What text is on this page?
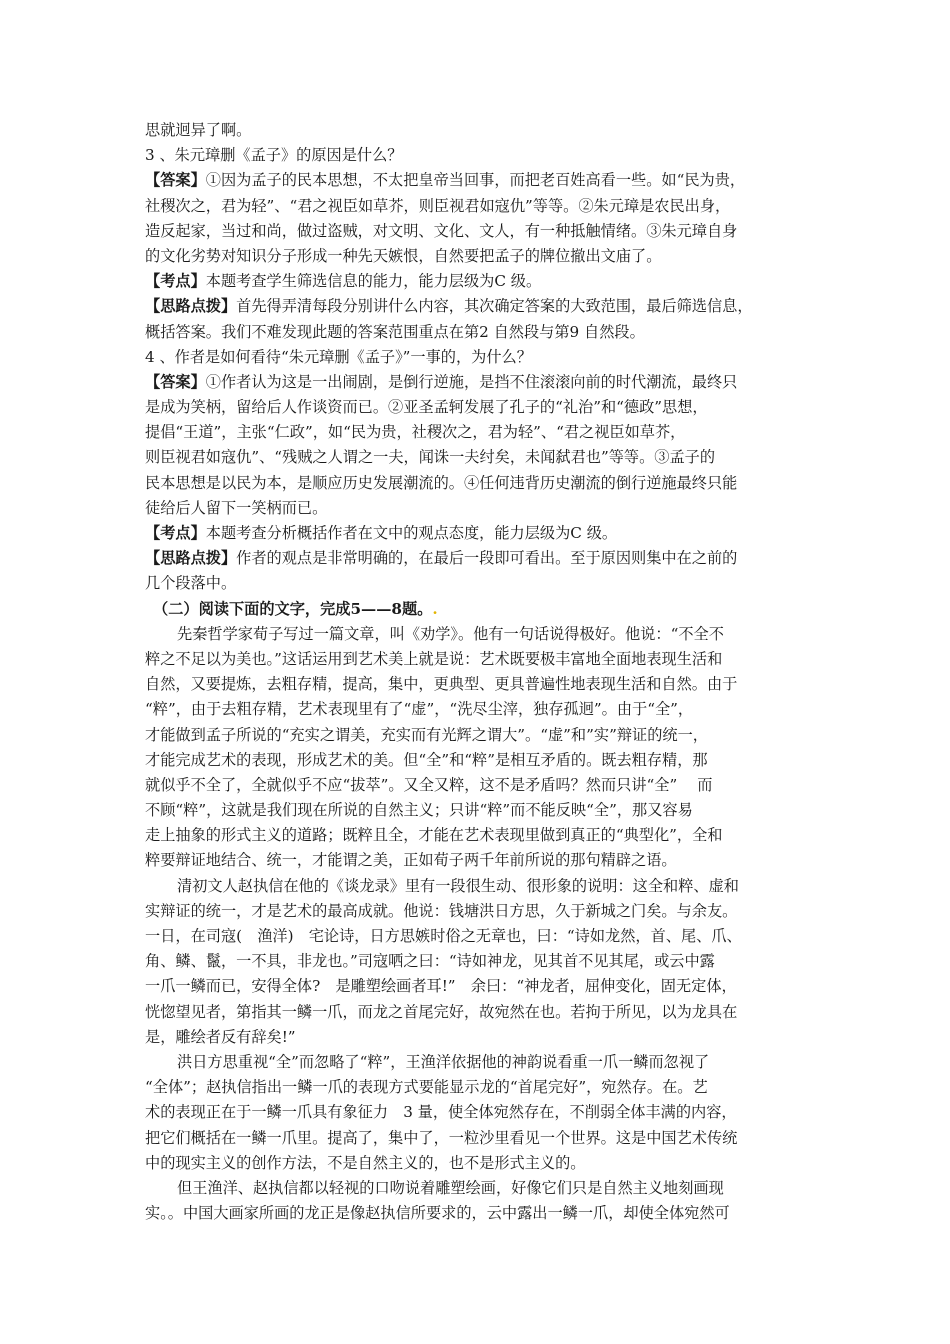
思就迥异了啊。
3 、朱元璋删《孟子》的原因是什么？
【答案】①因为孟子的民本思想，不太把皇帝当回事，而把老百姓高看一些。如“民为贵，
社稷次之，君为轻”、“君之视臣如草芥，则臣视君如寇仇”等等。②朱元璋是农民出身，
造反起家，当过和尚，做过盗贼，对文明、文化、文人，有一种抵触情绪。③朱元璋自身
的文化劣势对知识分子形成一种先天嫉恨，自然要把孟子的牌位撤出文庙了。
【考点】本题考查学生筛选信息的能力，能力层级为C 级。
【思路点拨】首先得弄清每段分别讲什么内容，其次确定答案的大致范围，最后筛选信息，
概括答案。我们不难发现此题的答案范围重点在第2 自然段与第9 自然段。
4 、作者是如何看待“朱元璋删《孟子》”一事的，为什么？
【答案】①作者认为这是一出闹剧，是倒行逆施，是挡不住滚滚向前的时代潮流，最终只
是成为笑柄，留给后人作谈资而已。②亚圣孟轲发展了孔子的“礼治”和“德政”思想，
提倡“王道”，主张“仁政”，如“民为贵，社稷次之，君为轻”、“君之视臣如草芥，
则臣视君如寇仇”、“残贼之人谓之一夫，闻诛一夫纣矣，未闻弑君也”等等。③孟子的
民本思想是以民为本，是顺应历史发展潮流的。④任何违背历史潮流的倒行逆施最终只能
徒给后人留下一笑柄而已。
【考点】本题考查分析概括作者在文中的观点态度，能力层级为C 级。
【思路点拨】作者的观点是非常明确的，在最后一段即可看出。至于原因则集中在之前的
几个段落中。
（二）阅读下面的文字，完成5——8题。.
先秦哲学家荀子写过一篇文章，叫《劝学》。他有一句话说得极好。他说：“不全不
粹之不足以为美也。”这话运用到艺术美上就是说：艺术既要极丰富地全面地表现生活和
自然，又要提炼，去粗存精，提高，集中，更典型、更具普遍性地表现生活和自然。由于
“粹”，由于去粗存精，艺术表现里有了“虚”，“洗尽尘滓，独存孤迥”。由于“全”，
才能做到孟子所说的“充实之谓美，充实而有光辉之谓大”。“虚”和”实”辩证的统一，
才能完成艺术的表现，形成艺术的美。但“全”和“粹”是相互矛盾的。既去粗存精，那
就似乎不全了，全就似乎不应“拔萃”。又全又粹，这不是矛盾吗？然而只讲“全”　 而
不顾“粹”，这就是我们现在所说的自然主义；只讲“粹”而不能反映“全”，那又容易
走上抽象的形式主义的道路；既粹且全，才能在艺术表现里做到真正的“典型化”，全和
粹要辩证地结合、统一，才能谓之美，正如荀子两千年前所说的那句精辟之语。
清初文人赵执信在他的《谈龙录》里有一段很生动、很形象的说明：这全和粹、虚和
实辩证的统一，才是艺术的最高成就。他说：钱塘洪日方思，久于新城之门矣。与余友。
一日，在司寇(　渔洋)　宅论诗，日方思嫉时俗之无章也，曰：“诗如龙然，首、尾、爪、
角、鳞、鬣，一不具，非龙也。”司寇哂之曰：“诗如神龙，见其首不见其尾，或云中露
一爪一鳞而已，安得全体?　是雕塑绘画者耳!”　余曰：“神龙者，屈伸变化，固无定体，
恍惚望见者，第指其一鳞一爪，而龙之首尾完好，故宛然在也。若拘于所见，以为龙具在
是，雕绘者反有辞矣!”
洪日方思重视“全”而忽略了“粹”，王渔洋依据他的神韵说看重一爪一鳞而忽视了
“全体”；赵执信指出一鳞一爪的表现方式要能显示龙的“首尾完好”，宛然存。在。艺
术的表现正在于一鳞一爪具有象征力　3 量，使全体宛然存在，不削弱全体丰满的内容，
把它们概括在一鳞一爪里。提高了，集中了，一粒沙里看见一个世界。这是中国艺术传统
中的现实主义的创作方法，不是自然主义的，也不是形式主义的。
但王渔洋、赵执信都以轻视的口吻说着雕塑绘画，好像它们只是自然主义地刻画现
实。。中国大画家所画的龙正是像赵执信所要求的，云中露出一鳞一爪，却使全体宛然可
